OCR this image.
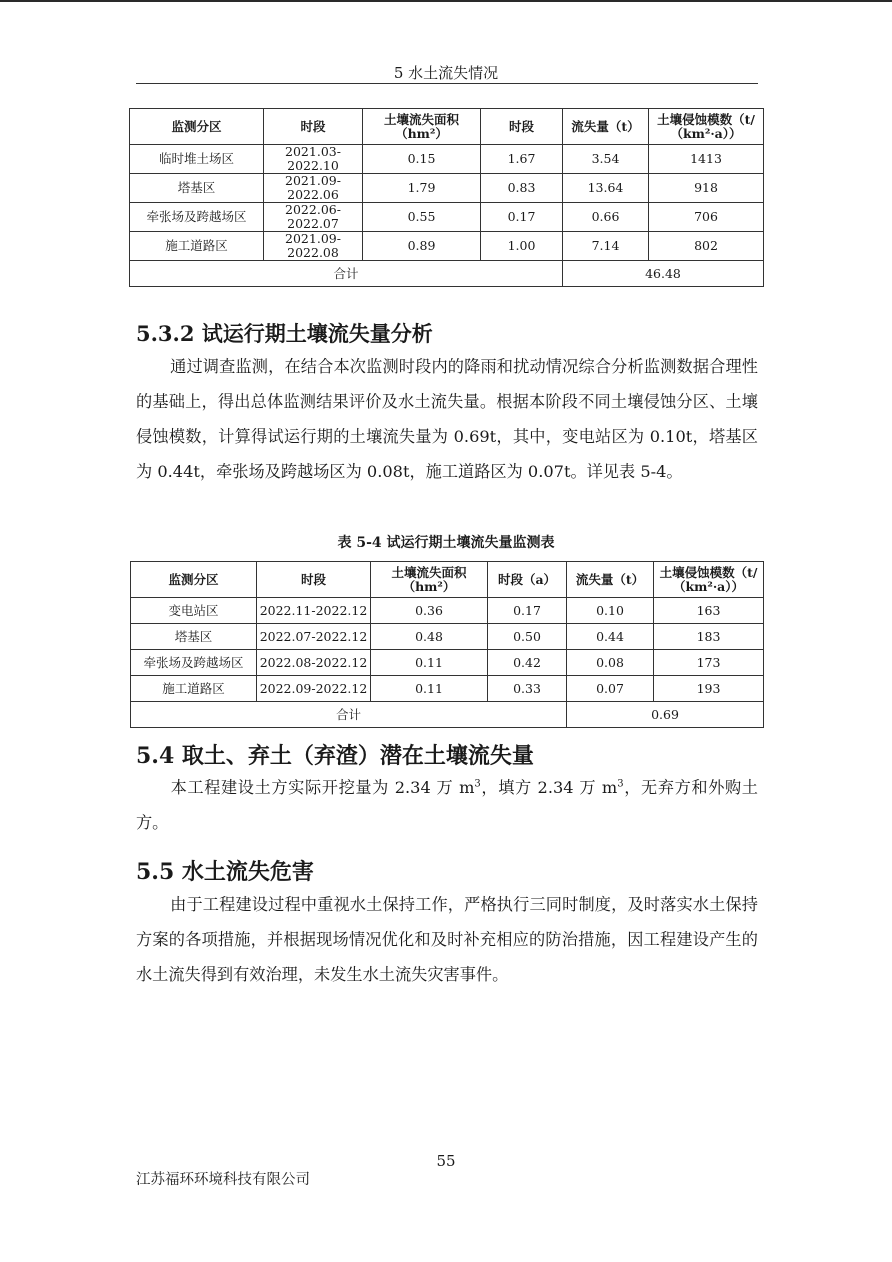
5 水土流失情况
监测分区	时段	土壤流失面积（hm²）	时段	流失量（t）	土壤侵蚀模数（t/（km²·a））
临时堆土场区	2021.03-2022.10	0.15	1.67	3.54	1413
塔基区	2021.09-2022.06	1.79	0.83	13.64	918
牵张场及跨越场区	2022.06-2022.07	0.55	0.17	0.66	706
施工道路区	2021.09-2022.08	0.89	1.00	7.14	802
合计				46.48	
5.3.2 试运行期土壤流失量分析

通过调查监测，在结合本次监测时段内的降雨和扰动情况综合分析监测数据合理性的基础上，得出总体监测结果评价及水土流失量。根据本阶段不同土壤侵蚀分区、土壤侵蚀模数，计算得试运行期的土壤流失量为 0.69t，其中，变电站区为 0.10t，塔基区为 0.44t，牵张场及跨越场区为 0.08t，施工道路区为 0.07t。详见表 5-4。

表 5-4 试运行期土壤流失量监测表
监测分区	时段	土壤流失面积（hm²）	时段（a）	流失量（t）	土壤侵蚀模数（t/（km²·a））
变电站区	2022.11-2022.12	0.36	0.17	0.10	163
塔基区	2022.07-2022.12	0.48	0.50	0.44	183
牵张场及跨越场区	2022.08-2022.12	0.11	0.42	0.08	173
施工道路区	2022.09-2022.12	0.11	0.33	0.07	193
合计				0.69	
5.4 取土、弃土（弃渣）潜在土壤流失量

本工程建设土方实际开挖量为 2.34 万 $m^3$，填方 2.34 万 $m^3$，无弃方和外购土方。

5.5 水土流失危害

由于工程建设过程中重视水土保持工作，严格执行三同时制度，及时落实水土保持方案的各项措施，并根据现场情况优化和及时补充相应的防治措施，因工程建设产生的水土流失得到有效治理，未发生水土流失灾害事件。

55
江苏福环环境科技有限公司
